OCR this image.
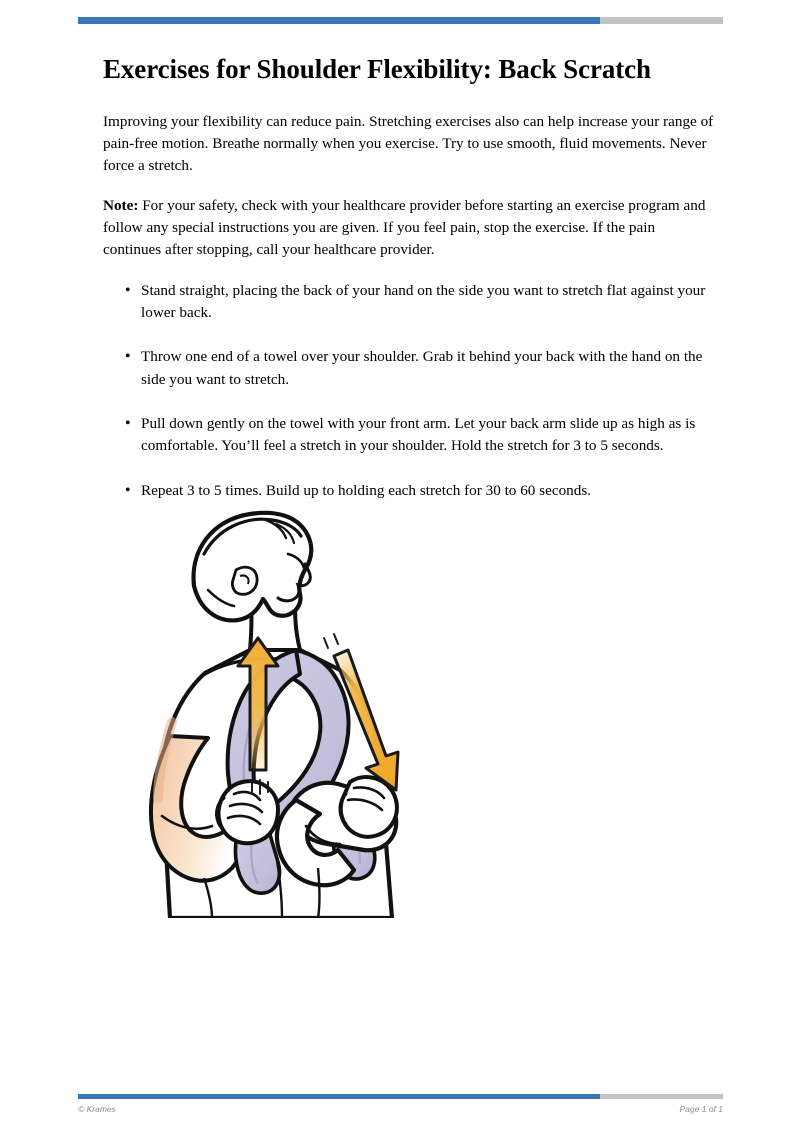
Exercises for Shoulder Flexibility: Back Scratch

Improving your flexibility can reduce pain. Stretching exercises also can help increase your range of pain-free motion. Breathe normally when you exercise. Try to use smooth, fluid movements. Never force a stretch.

Note: For your safety, check with your healthcare provider before starting an exercise program and follow any special instructions you are given. If you feel pain, stop the exercise. If the pain continues after stopping, call your healthcare provider.

• Stand straight, placing the back of your hand on the side you want to stretch flat against your lower back.
• Throw one end of a towel over your shoulder. Grab it behind your back with the hand on the side you want to stretch.
• Pull down gently on the towel with your front arm. Let your back arm slide up as high as is comfortable. You’ll feel a stretch in your shoulder. Hold the stretch for 3 to 5 seconds.
• Repeat 3 to 5 times. Build up to holding each stretch for 30 to 60 seconds.
© Krames	Page 1 of 1
